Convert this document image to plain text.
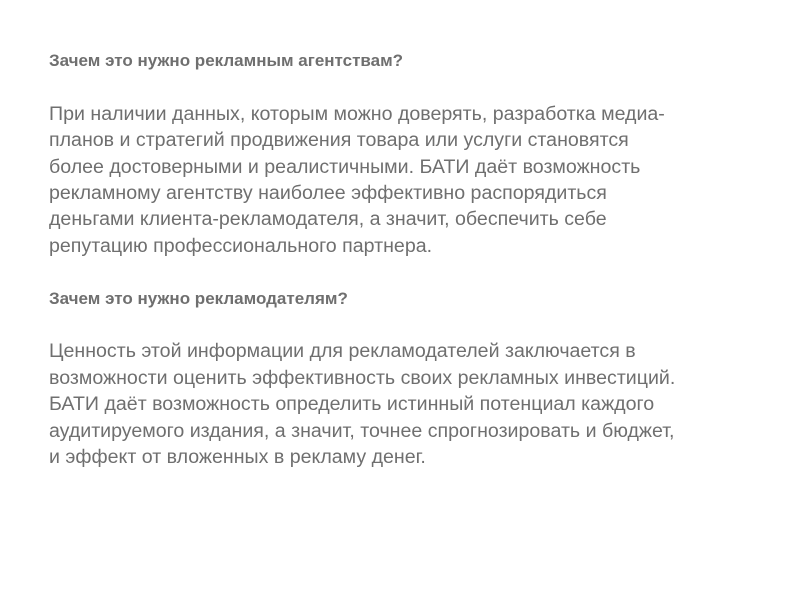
Зачем это нужно рекламным агентствам?
При наличии данных, которым можно доверять, разработка медиа-
планов и стратегий продвижения товара или услуги становятся
более достоверными и реалистичными. БАТИ даёт возможность
рекламному агентству наиболее эффективно распорядиться
деньгами клиента-рекламодателя, а значит, обеспечить себе
репутацию профессионального партнера.
Зачем это нужно рекламодателям?
Ценность этой информации для рекламодателей заключается в
возможности оценить эффективность своих рекламных инвестиций.
БАТИ даёт возможность определить истинный потенциал каждого
аудитируемого издания, а значит, точнее спрогнозировать и бюджет,
и эффект от вложенных в рекламу денег.
